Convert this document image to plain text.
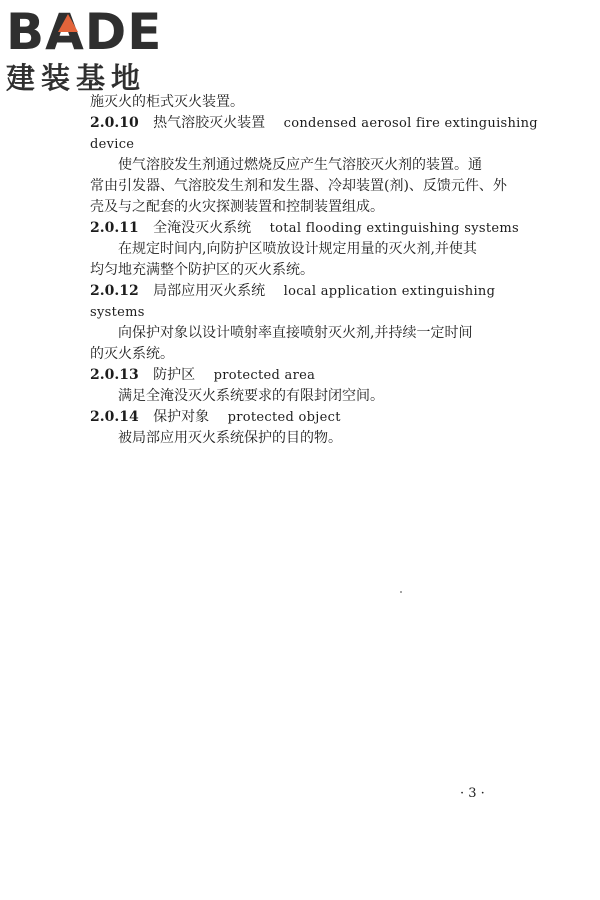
BADE
建装基地
施灭火的柜式灭火装置。
2.0.10 热气溶胶灭火装置 condensed aerosol fire extinguishing
device
使气溶胶发生剂通过燃烧反应产生气溶胶灭火剂的装置。通
常由引发器、气溶胶发生剂和发生器、冷却装置(剂)、反馈元件、外
壳及与之配套的火灾探测装置和控制装置组成。
2.0.11 全淹没灭火系统 total flooding extinguishing systems
在规定时间内,向防护区喷放设计规定用量的灭火剂,并使其
均匀地充满整个防护区的灭火系统。
2.0.12 局部应用灭火系统 local application extinguishing
systems
向保护对象以设计喷射率直接喷射灭火剂,并持续一定时间
的灭火系统。
2.0.13 防护区 protected area
满足全淹没灭火系统要求的有限封闭空间。
2.0.14 保护对象 protected object
被局部应用灭火系统保护的目的物。
· 3 ·
